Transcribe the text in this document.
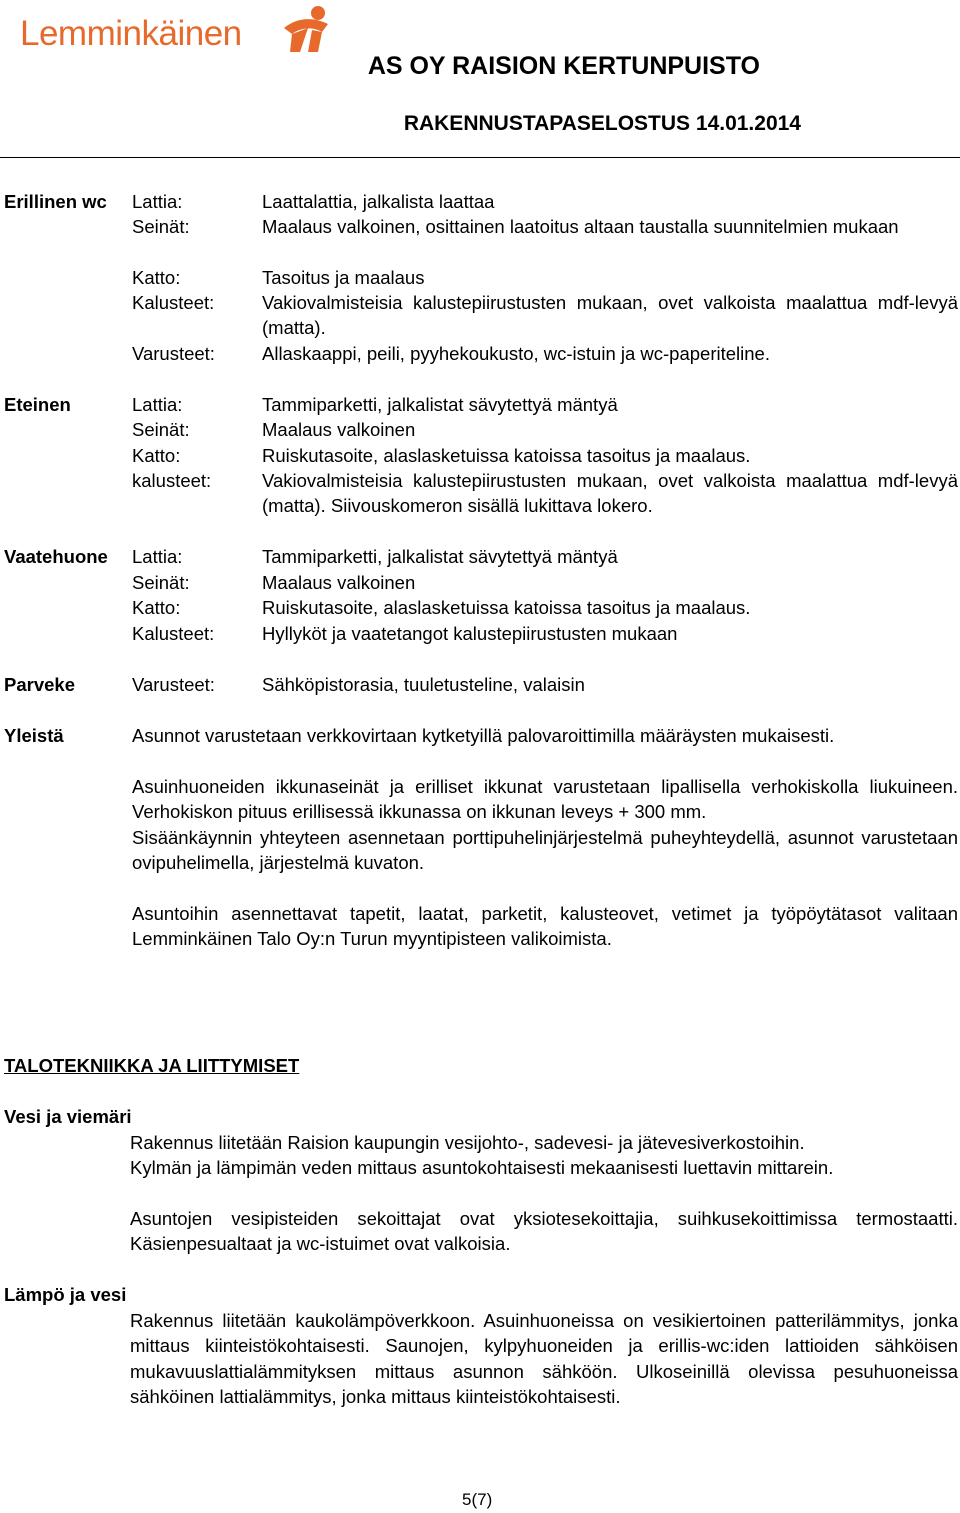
Lemminkäinen
AS OY RAISION KERTUNPUISTO
RAKENNUSTAPASELOSTUS 14.01.2014
Erillinen wc Lattia:	Laattalattia, jalkalista laattaa
Seinät:	Maalaus valkoinen, osittainen laatoitus altaan taustalla suunnitelmien mukaan
Katto:	Tasoitus ja maalaus
Kalusteet:	Vakiovalmisteisia kalustepiirustusten mukaan, ovet valkoista maalattua mdf-levyä (matta).
Varusteet:	Allaskaappi, peili, pyyhekoukusto, wc-istuin ja wc-paperiteline.
Eteinen	Lattia:	Tammiparketti, jalkalistat sävytettyä mäntyä
Seinät:	Maalaus valkoinen
Katto:	Ruiskutasoite, alaslasketuissa katoissa tasoitus ja maalaus.
kalusteet:	Vakiovalmisteisia kalustepiirustusten mukaan, ovet valkoista maalattua mdf-levyä (matta). Siivouskomeron sisällä lukittava lokero.
Vaatehuone Lattia:	Tammiparketti, jalkalistat sävytettyä mäntyä
Seinät:	Maalaus valkoinen
Katto:	Ruiskutasoite, alaslasketuissa katoissa tasoitus ja maalaus.
Kalusteet:	Hyllyköt ja vaatetangot kalustepiirustusten mukaan
Parveke	Varusteet:	Sähköpistorasia, tuuletusteline, valaisin
Yleistä	Asunnot varustetaan verkkovirtaan kytketyillä palovaroittimilla määräysten mukaisesti.
Asuinhuoneiden ikkunaseinät ja erilliset ikkunat varustetaan lipallisella verhokiskolla liukuineen. Verhokiskon pituus erillisessä ikkunassa on ikkunan leveys + 300 mm.
Sisäänkäynnin yhteyteen asennetaan porttipuhelinjärjestelmä puheyhteydellä, asunnot varustetaan ovipuhelimella, järjestelmä kuvaton.
Asuntoihin asennettavat tapetit, laatat, parketit, kalusteovet, vetimet ja työpöytätasot valitaan Lemminkäinen Talo Oy:n Turun myyntipisteen valikoimista.
TALOTEKNIIKKA JA LIITTYMISET
Vesi ja viemäri
Rakennus liitetään Raision kaupungin vesijohto-, sadevesi- ja jätevesiverkostoihin.
Kylmän ja lämpimän veden mittaus asuntokohtaisesti mekaanisesti luettavin mittarein.
Asuntojen vesipisteiden sekoittajat ovat yksiotesekoittajia, suihkusekoittimissa termostaatti. Käsienpesualtaat ja wc-istuimet ovat valkoisia.
Lämpö ja vesi
Rakennus liitetään kaukolämpöverkkoon. Asuinhuoneissa on vesikiertoinen patterilämmitys, jonka mittaus kiinteistökohtaisesti. Saunojen, kylpyhuoneiden ja erillis-wc:iden lattioiden sähköisen mukavuuslattialämmityksen mittaus asunnon sähköön. Ulkoseinillä olevissa pesuhuoneissa sähköinen lattialämmitys, jonka mittaus kiinteistökohtaisesti.
5(7)
